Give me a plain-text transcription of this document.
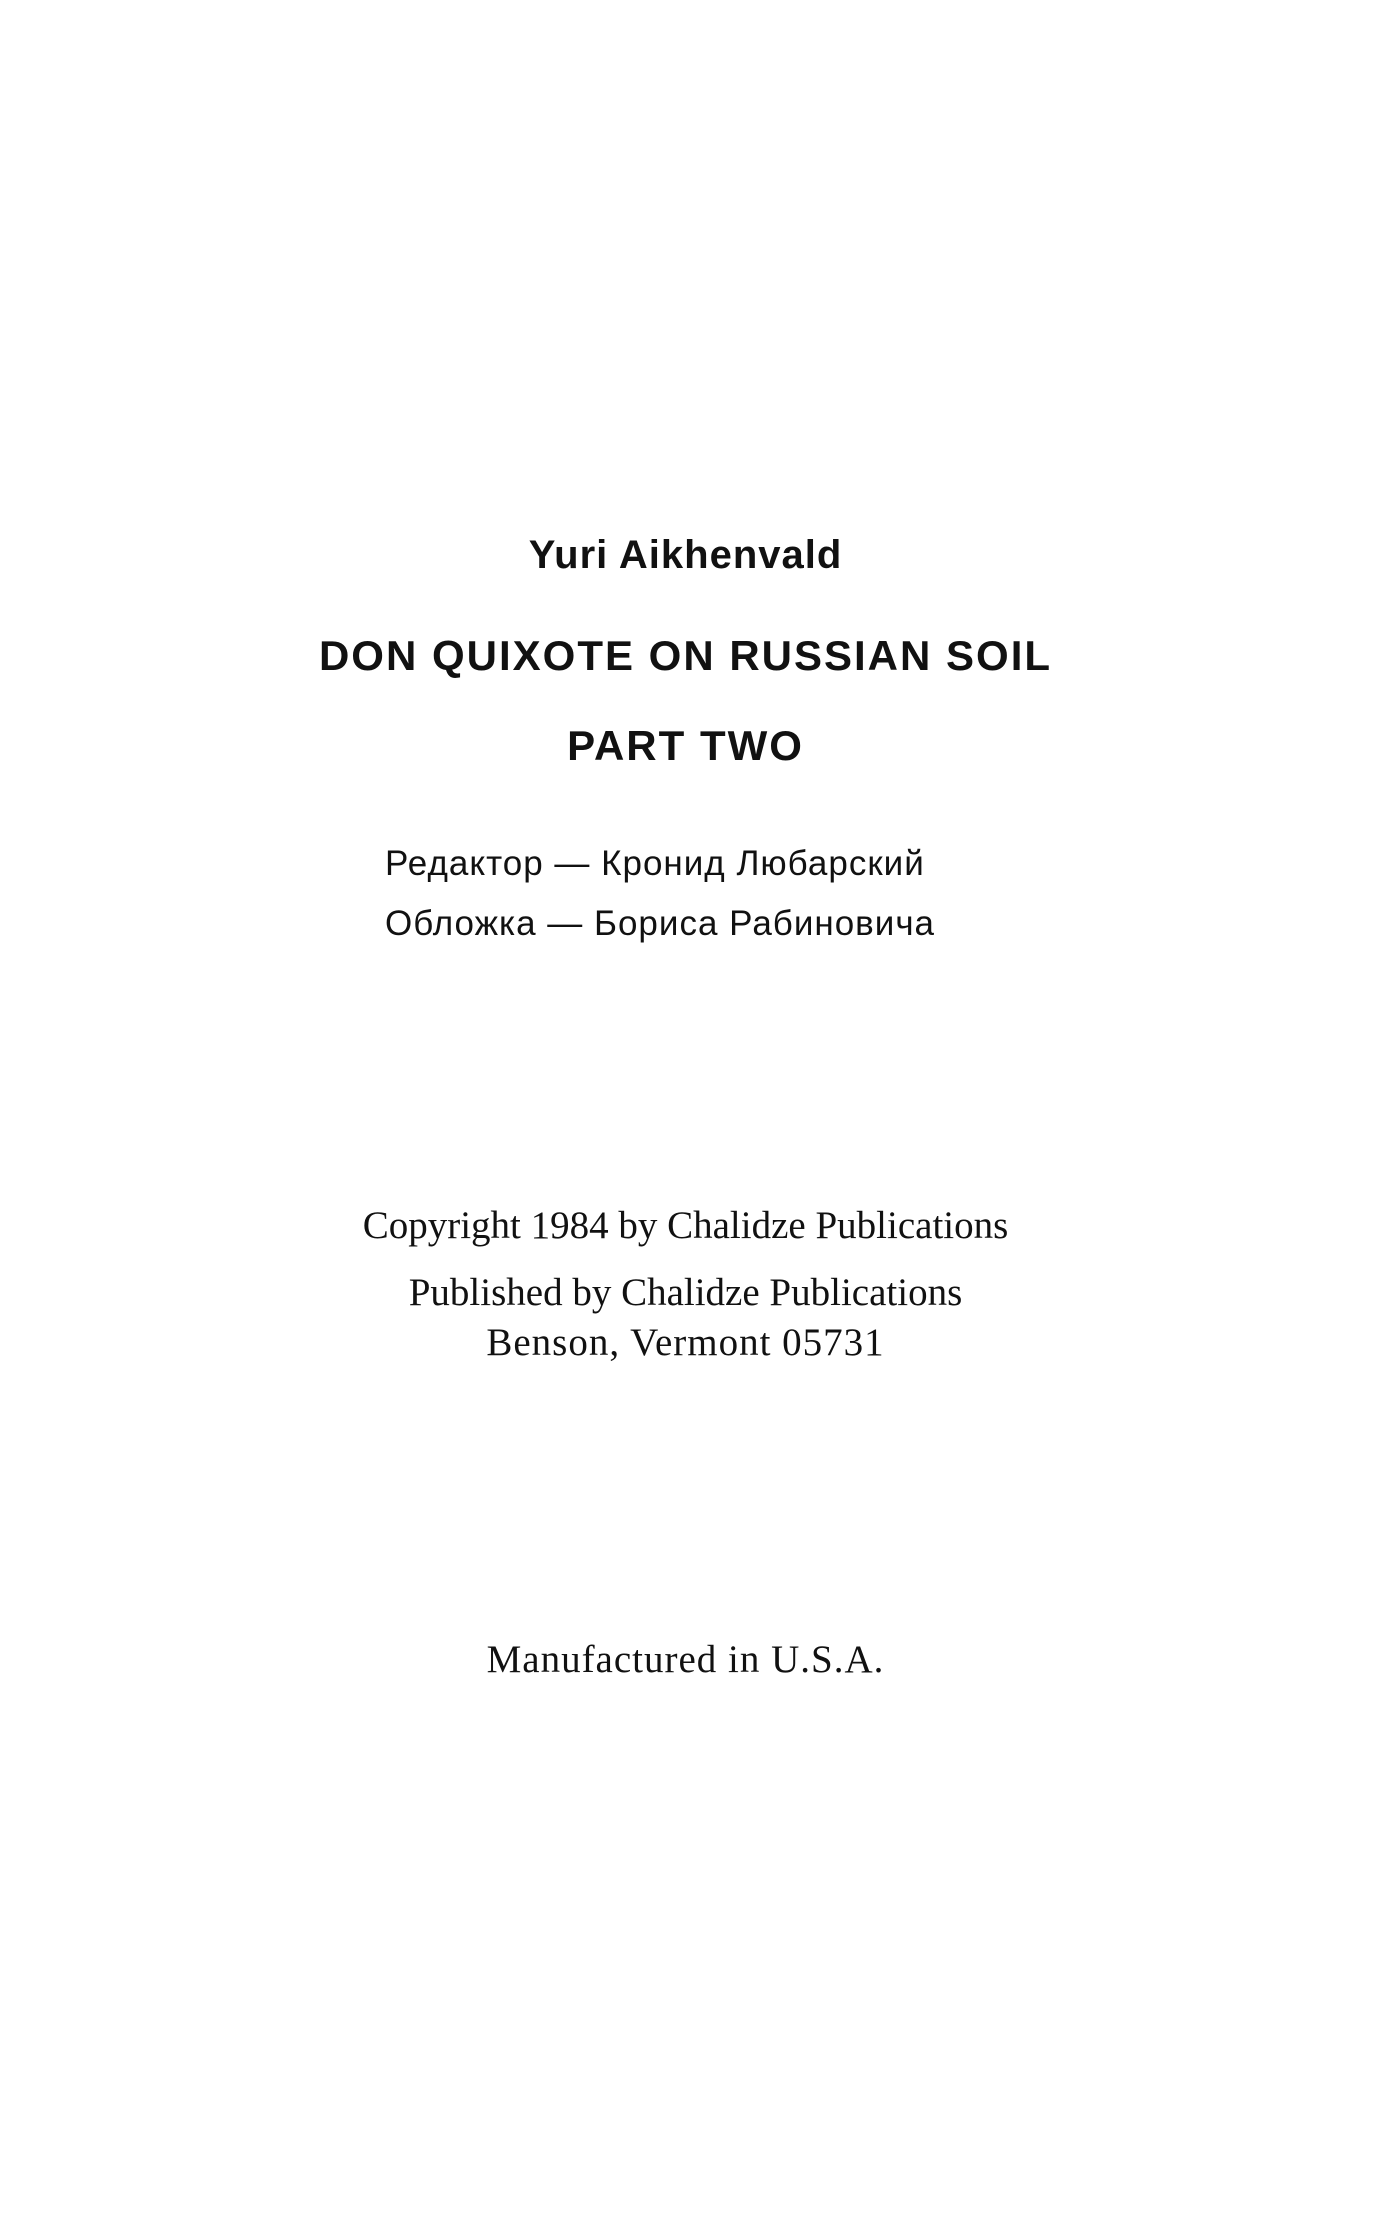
Yuri Aikhenvald
DON QUIXOTE ON RUSSIAN SOIL
PART TWO
Редактор — Кронид Любарский
Обложка — Бориса Рабиновича
Copyright 1984 by Chalidze Publications
Published by Chalidze Publications
Benson, Vermont 05731
Manufactured in U.S.A.
